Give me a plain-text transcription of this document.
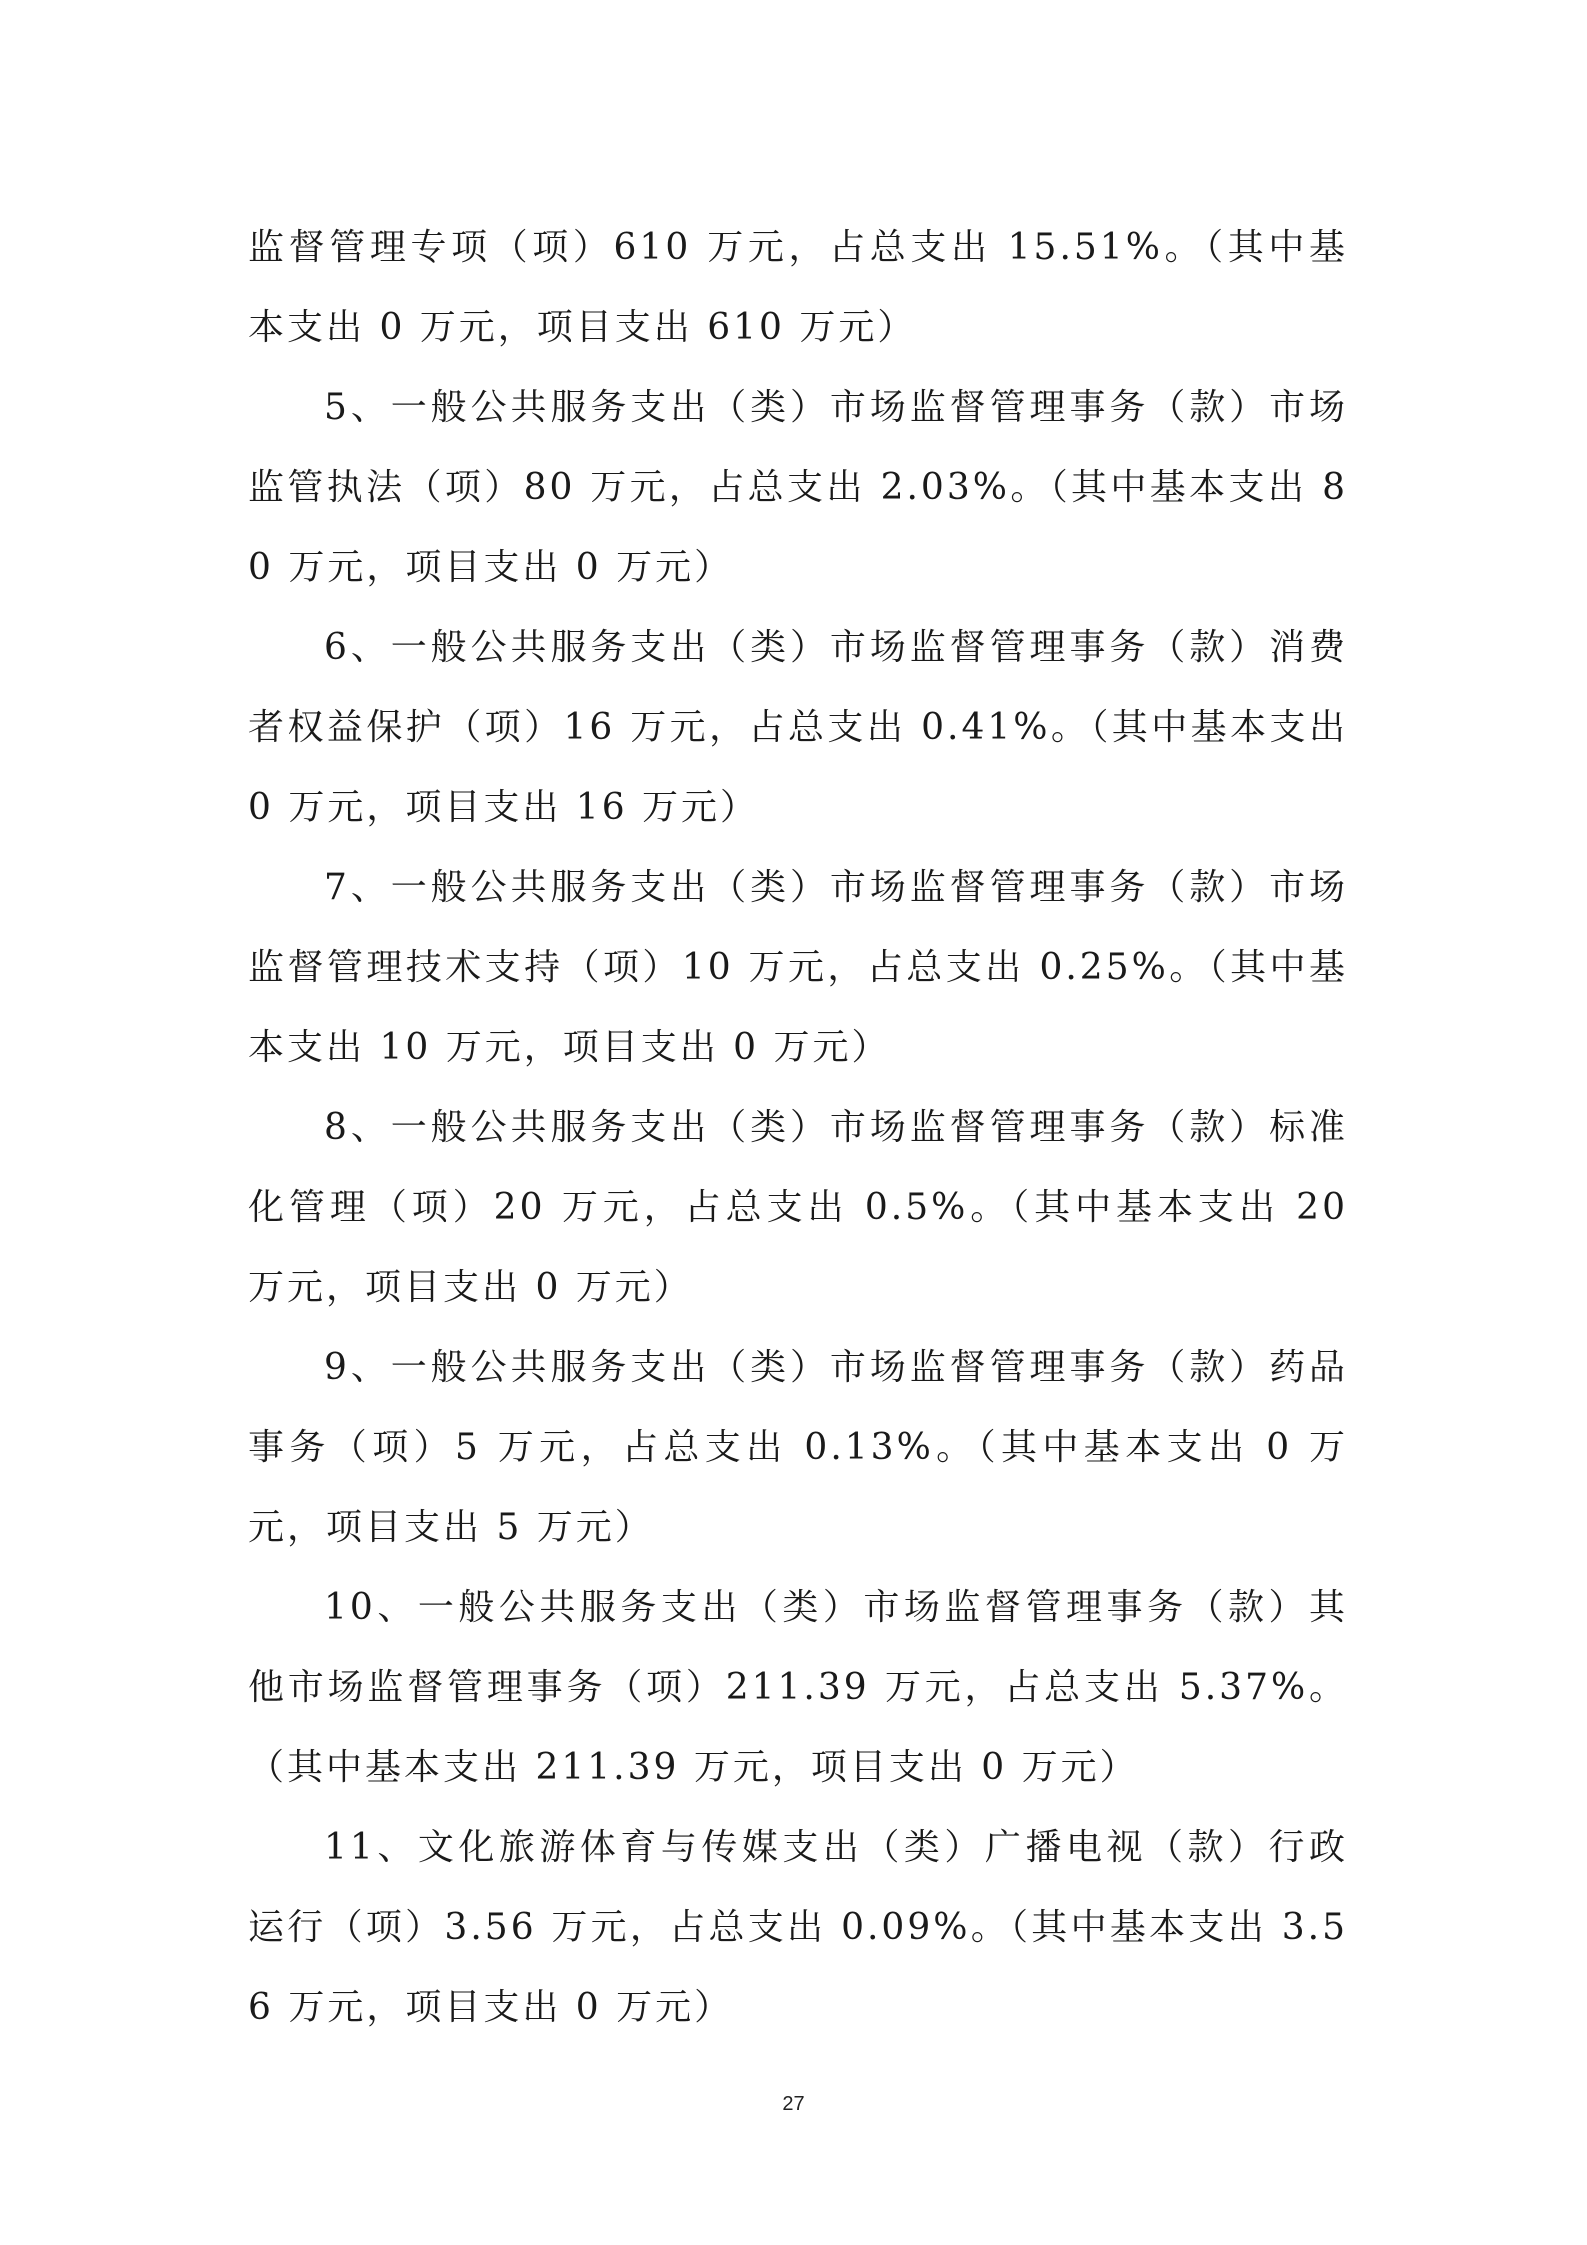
监督管理专项（项）610 万元，占总支出 15.51%。（其中基本支出 0 万元，项目支出 610 万元）

5、一般公共服务支出（类）市场监督管理事务（款）市场监管执法（项）80 万元，占总支出 2.03%。（其中基本支出 80 万元，项目支出 0 万元）

6、一般公共服务支出（类）市场监督管理事务（款）消费者权益保护（项）16 万元，占总支出 0.41%。（其中基本支出 0 万元，项目支出 16 万元）

7、一般公共服务支出（类）市场监督管理事务（款）市场监督管理技术支持（项）10 万元，占总支出 0.25%。（其中基本支出 10 万元，项目支出 0 万元）

8、一般公共服务支出（类）市场监督管理事务（款）标准化管理（项）20 万元，占总支出 0.5%。（其中基本支出 20 万元，项目支出 0 万元）

9、一般公共服务支出（类）市场监督管理事务（款）药品事务（项）5 万元，占总支出 0.13%。（其中基本支出 0 万元，项目支出 5 万元）

10、一般公共服务支出（类）市场监督管理事务（款）其他市场监督管理事务（项）211.39 万元，占总支出 5.37%。（其中基本支出 211.39 万元，项目支出 0 万元）

11、文化旅游体育与传媒支出（类）广播电视（款）行政运行（项）3.56 万元，占总支出 0.09%。（其中基本支出 3.56 万元，项目支出 0 万元）

27
